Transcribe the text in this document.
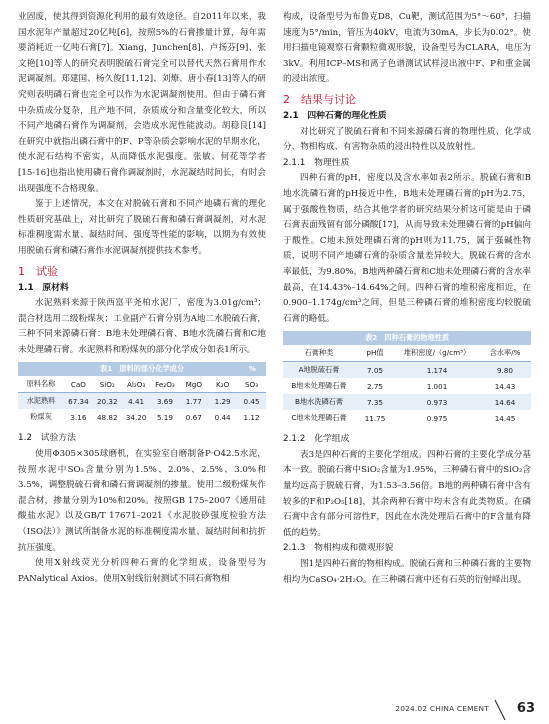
业固废，使其得到资源化利用的最有效途径。自2011年以来，我国水泥年产量超过20亿吨[6]，按照5%的石膏掺量计算，每年需要消耗近一亿吨石膏[7]。Xiang，Junchen[8]、卢扬芬[9]、张文艳[10]等人的研究表明脱硫石膏完全可以替代天然石膏用作水泥调凝剂。郑建国、杨久俊[11,12]、刘燎、唐小春[13]等人的研究则表明磷石膏也完全可以作为水泥调凝剂使用。但由于磷石膏中杂质成分复杂，且产地不同，杂质成分和含量变化较大，所以不同产地磷石膏作为调凝剂，会造成水泥性能波动。胡稳良[14]在研究中就指出磷石膏中的F、P等杂质会影响水泥的早期水化，使水泥石结构不密实，从而降低水泥强度。张敏、何花等学者[15-16]也指出使用磷石膏作调凝剂时，水泥凝结时间长，有时会出现强度不合格现象。

鉴于上述情况，本文在对脱硫石膏和不同产地磷石膏的理化性质研究基础上，对比研究了脱硫石膏和磷石膏调凝剂，对水泥标准稠度需水量、凝结时间、强度等性能的影响，以期为有效使用脱硫石膏和磷石膏作水泥调凝剂提供技术参考。

1　试验
1.1　原材料

水泥熟料来源于陕西富平尧柏水泥厂，密度为3.01g/cm³；混合材选用二级粉煤灰；工业副产石膏分别为A地二水脱硫石膏，三种不同来源磷石膏：B地未处理磷石膏、B地水洗磷石膏和C地未处理磷石膏。水泥熟料和粉煤灰的部分化学成分如表1所示。

表1　原料的部分化学成分	%
原料名称	CaO	SiO₂	Al₂O₃	Fe₂O₃	MgO	K₂O	SO₃
水泥熟料	67.34	20.32	4.41	3.69	1.77	1.29	0.45
粉煤灰	3.16	48.82	34.20	5.19	0.67	0.44	1.12
1.2　试验方法

使用Φ305×305球磨机，在实验室自磨制备P·O42.5水泥，按照水泥中SO₃含量分别为1.5%、2.0%、2.5%、3.0%和3.5%，调整脱硫石膏和磷石膏调凝剂的掺量。使用二级粉煤灰作混合材，掺量分别为10%和20%。按照GB 175–2007《通用硅酸盐水泥》以及GB/T 17671–2021《水泥胶砂强度检验方法（ISO法）》测试所制备水泥的标准稠度需水量、凝结时间和抗折抗压强度。

使用X射线荧光分析四种石膏的化学组成，设备型号为PANalytical Axios。使用X射线衍射测试不同石膏物相

构成，设备型号为布鲁克D8，Cu靶，测试范围为5°～60°，扫描速度为5°/min，管压为40kV，电流为30mA，步长为0.02°。使用扫描电镜观察石膏颗粒微观形貌，设备型号为CLARA，电压为3kV。利用ICP–MS和离子色谱测试试样浸出液中F、P和重金属的浸出浓度。

2　结果与讨论
2.1　四种石膏的理化性质

对比研究了脱硫石膏和不同来源磷石膏的物理性质、化学成分、物相构成、有害物杂质的浸出特性以及放射性。

2.1.1　物理性质

四种石膏的pH，密度以及含水率如表2所示。脱硫石膏和B地水洗磷石膏的pH接近中性，B地未处理磷石膏的pH为2.75，属于强酸性物质，结合其他学者的研究结果分析这可能是由于磷石膏表面残留有部分磷酸[17]，从而导致未处理磷石膏的pH偏向于酸性。C地未预处理磷石膏的pH则为11.75，属于强碱性物质，说明不同产地磷石膏的杂质含量差异较大。脱硫石膏的含水率最低，为9.80%，B地两种磷石膏和C地未处理磷石膏的含水率最高，在14.43%–14.64%之间。四种石膏的堆积密度相近，在0.900–1.174g/cm³之间，但是三种磷石膏的堆积密度均较脱硫石膏的略低。

表2　四种石膏的物理性质
石膏种类	pH值	堆积密度/（g/cm³）	含水率/%
A地脱硫石膏	7.05	1.174	9.80
B地未处理磷石膏	2.75	1.001	14.43
B地水洗磷石膏	7.35	0.973	14.64
C地未处理磷石膏	11.75	0.975	14.45
2.1.2　化学组成

表3是四种石膏的主要化学组成。四种石膏的主要化学成分基本一致。脱硫石膏中SiO₂含量为1.95%，三种磷石膏中的SiO₂含量均远高于脱硫石膏，为1.53–3.56倍。B地的两种磷石膏中含有较多的F和P₂O₅[18]，其余两种石膏中均未含有此类物质。在磷石膏中含有部分可溶性F，因此在水洗处理后石膏中的F含量有降低的趋势。

2.1.3　物相构成和微观形貌

图1是四种石膏的物相构成。脱硫石膏和三种磷石膏的主要物相均为CaSO₄·2H₂O。在三种磷石膏中还有石英的衍射峰出现。

2024.02 CHINA CEMENT 63
